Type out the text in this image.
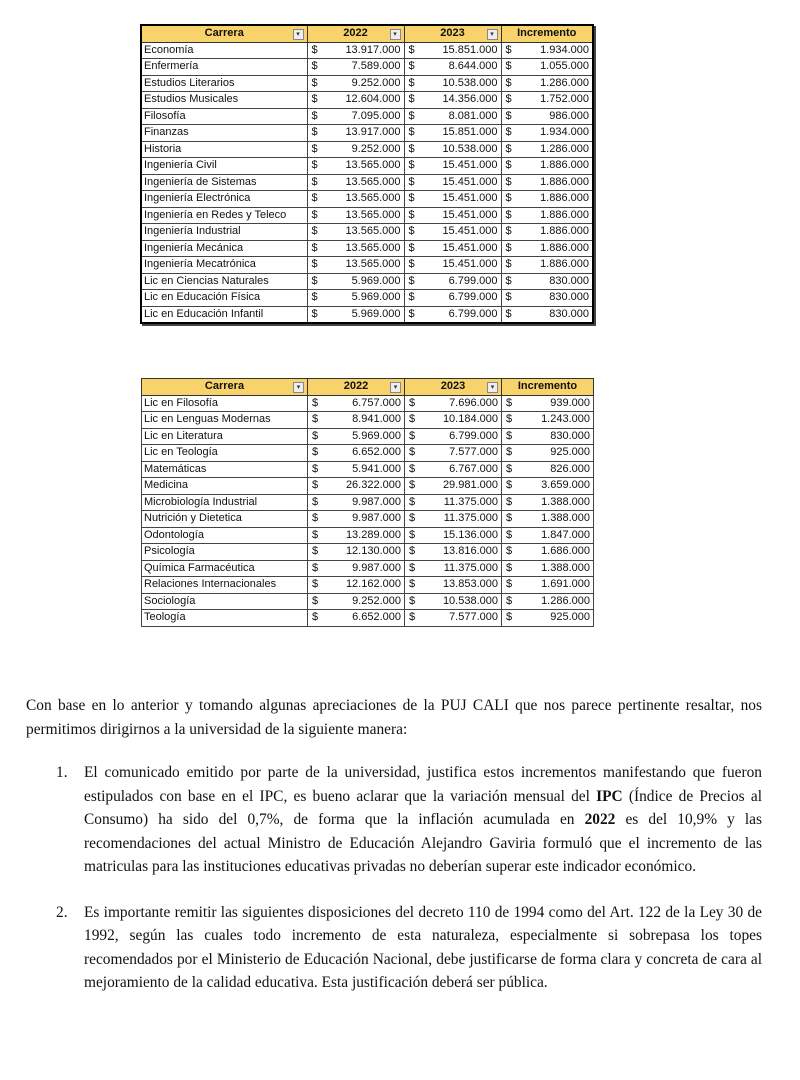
Carrera ▾	2022 ▾	2023 ▾	Incremento
Economía	$ 13.917.000	$ 15.851.000	$ 1.934.000

Enfermería	$ 7.589.000	$ 8.644.000	$ 1.055.000

Estudios Literarios	$ 9.252.000	$ 10.538.000	$ 1.286.000

Estudios Musicales	$ 12.604.000	$ 14.356.000	$ 1.752.000

Filosofía	$ 7.095.000	$ 8.081.000	$ 986.000

Finanzas	$ 13.917.000	$ 15.851.000	$ 1.934.000

Historia	$ 9.252.000	$ 10.538.000	$ 1.286.000

Ingeniería Civil	$ 13.565.000	$ 15.451.000	$ 1.886.000

Ingeniería de Sistemas	$ 13.565.000	$ 15.451.000	$ 1.886.000

Ingeniería Electrónica	$ 13.565.000	$ 15.451.000	$ 1.886.000

Ingeniería en Redes y Teleco	$ 13.565.000	$ 15.451.000	$ 1.886.000

Ingeniería Industrial	$ 13.565.000	$ 15.451.000	$ 1.886.000

Ingeniería Mecánica	$ 13.565.000	$ 15.451.000	$ 1.886.000

Ingeniería Mecatrónica	$ 13.565.000	$ 15.451.000	$ 1.886.000

Lic en Ciencias Naturales	$ 5.969.000	$ 6.799.000	$ 830.000

Lic en Educación Física	$ 5.969.000	$ 6.799.000	$ 830.000

Lic en Educación Infantil	$ 5.969.000	$ 6.799.000	$ 830.000
Carrera ▾	2022 ▾	2023 ▾	Incremento
Lic en Filosofía	$ 6.757.000	$ 7.696.000	$ 939.000

Lic en Lenguas Modernas	$ 8.941.000	$ 10.184.000	$ 1.243.000

Lic en Literatura	$ 5.969.000	$ 6.799.000	$ 830.000

Lic en Teología	$ 6.652.000	$ 7.577.000	$ 925.000

Matemáticas	$ 5.941.000	$ 6.767.000	$ 826.000

Medicina	$ 26.322.000	$ 29.981.000	$ 3.659.000

Microbiología Industrial	$ 9.987.000	$ 11.375.000	$ 1.388.000

Nutrición y Dietetica	$ 9.987.000	$ 11.375.000	$ 1.388.000

Odontología	$ 13.289.000	$ 15.136.000	$ 1.847.000

Psicología	$ 12.130.000	$ 13.816.000	$ 1.686.000

Química Farmacéutica	$ 9.987.000	$ 11.375.000	$ 1.388.000

Relaciones Internacionales	$ 12.162.000	$ 13.853.000	$ 1.691.000

Sociología	$ 9.252.000	$ 10.538.000	$ 1.286.000

Teología	$ 6.652.000	$ 7.577.000	$ 925.000

Con base en lo anterior y tomando algunas apreciaciones de la PUJ CALI que nos parece pertinente resaltar, nos permitimos dirigirnos a la universidad de la siguiente manera:

1. El comunicado emitido por parte de la universidad, justifica estos incrementos manifestando que fueron estipulados con base en el IPC, es bueno aclarar que la variación mensual del IPC (Índice de Precios al Consumo) ha sido del 0,7%, de forma que la inflación acumulada en 2022 es del 10,9% y las recomendaciones del actual Ministro de Educación Alejandro Gaviria formuló que el incremento de las matriculas para las instituciones educativas privadas no deberían superar este indicador económico.
2. Es importante remitir las siguientes disposiciones del decreto 110 de 1994 como del Art. 122 de la Ley 30 de 1992, según las cuales todo incremento de esta naturaleza, especialmente si sobrepasa los topes recomendados por el Ministerio de Educación Nacional, debe justificarse de forma clara y concreta de cara al mejoramiento de la calidad educativa. Esta justificación deberá ser pública.
